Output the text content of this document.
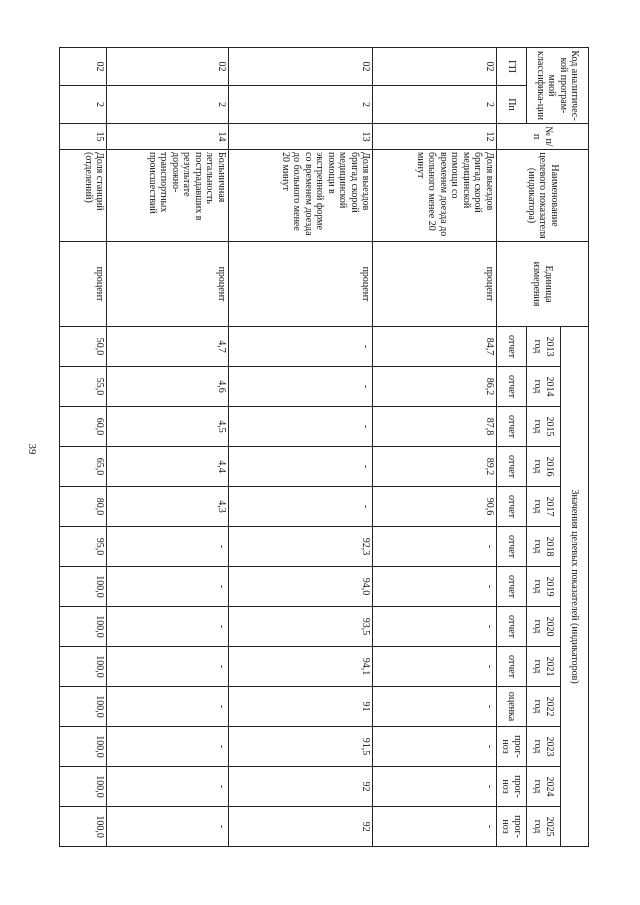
39
Код аналитичес-кой програм-мной классифика-ции		№ п/п	Наименование целевого показателя (индикатора)	Единица измерения	Значения целевых показателей (индикаторов)												
					2013 год	2014 год	2015 год	2016 год	2017 год	2018 год	2019 год	2020 год	2021 год	2022 год	2023 год	2024 год	2025 год
ГП	Пп				отчет	отчет	отчет	отчет	отчет	отчет	отчет	отчет	отчет	оценка	прог-ноз	прог-ноз	прог-ноз
02	2	12	Доля выездов бригад скорой медицинской помощи со временем доезда до больного менее 20 минут	процент	84,7	86,2	87,8	89,2	90,6	-	-	-	-	-	-	-	-
02	2	13	Доля выездов бригад скорой медицинской помощи в экстренной форме со временем доезда до больного менее 20 минут	процент	-	-	-	-	-	92,3	94,0	93,5	94,1	91	91,5	92	92
02	2	14	Больничная летальность пострадавших в результате дорожно-транспортных происшествий	процент	4,7	4,6	4,5	4,4	4,3	-	-	-	-	-	-	-	-
02	2	15	Доля станций (отделений)	процент	50,0	55,0	60,0	65,0	80,0	95,0	100,0	100,0	100,0	100,0	100,0	100,0	100,0
